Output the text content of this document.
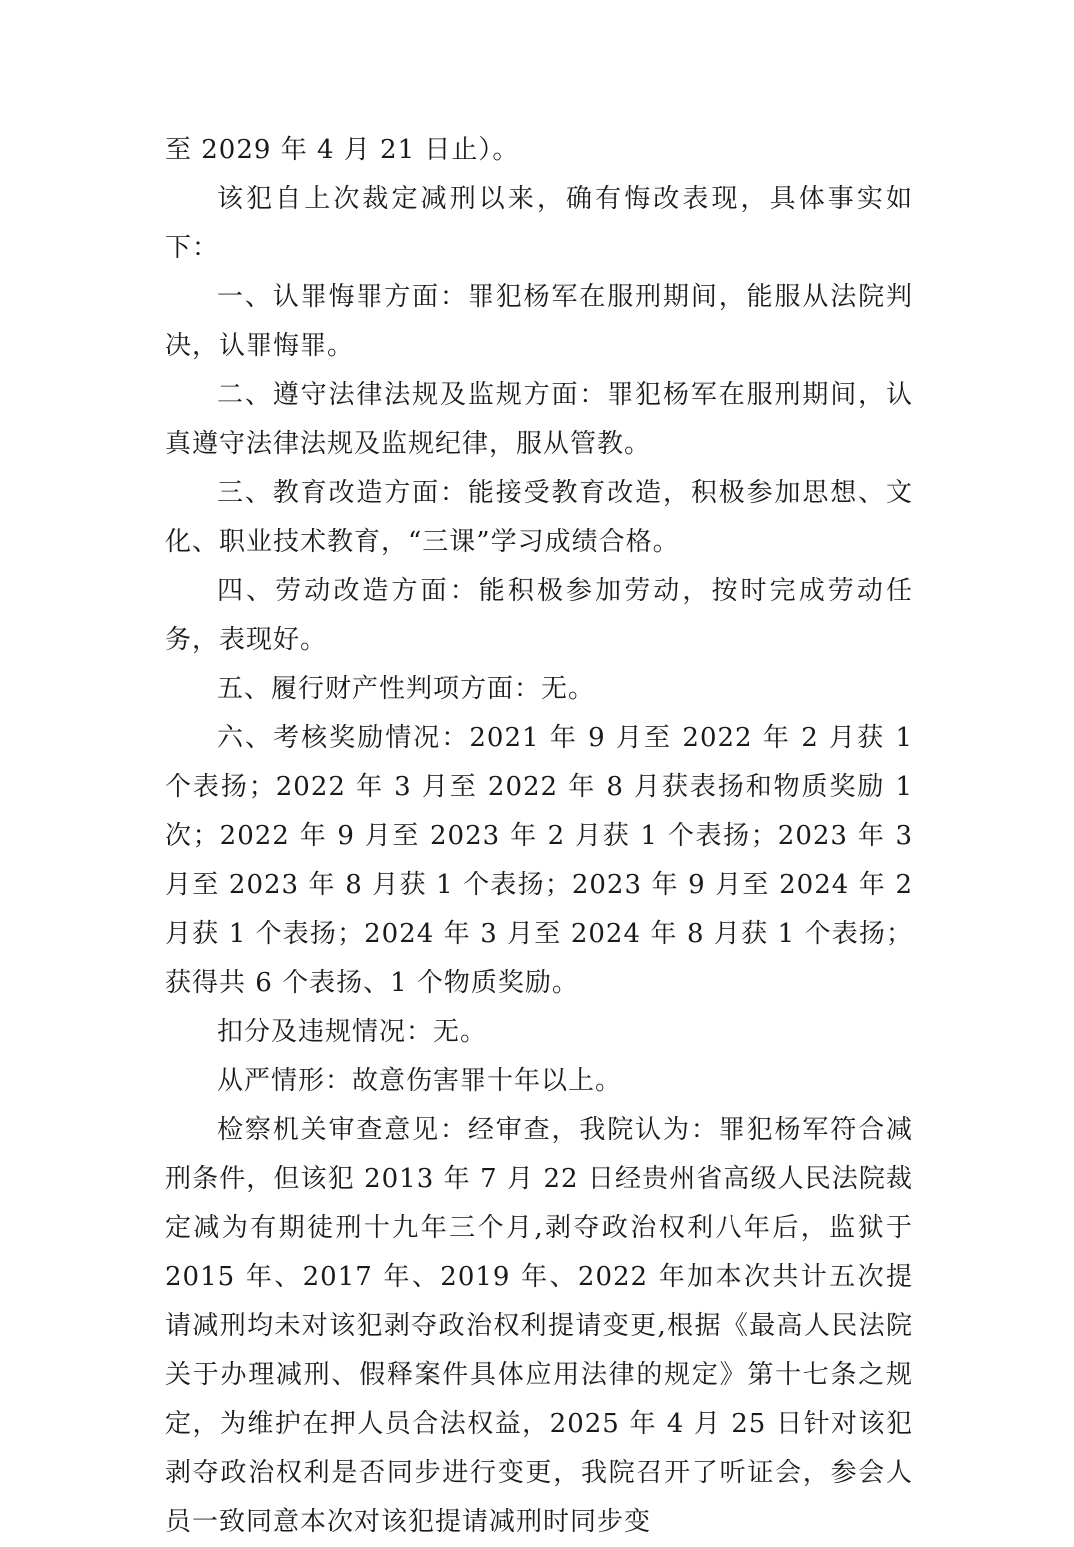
至 2029 年 4 月 21 日止）。

该犯自上次裁定减刑以来，确有悔改表现，具体事实如下：

一、认罪悔罪方面：罪犯杨军在服刑期间，能服从法院判决，认罪悔罪。

二、遵守法律法规及监规方面：罪犯杨军在服刑期间，认真遵守法律法规及监规纪律，服从管教。

三、教育改造方面：能接受教育改造，积极参加思想、文化、职业技术教育，“三课”学习成绩合格。

四、劳动改造方面：能积极参加劳动，按时完成劳动任务，表现好。

五、履行财产性判项方面：无。

六、考核奖励情况：2021 年 9 月至 2022 年 2 月获 1 个表扬；2022 年 3 月至 2022 年 8 月获表扬和物质奖励 1 次；2022 年 9 月至 2023 年 2 月获 1 个表扬；2023 年 3 月至 2023 年 8 月获 1 个表扬；2023 年 9 月至 2024 年 2 月获 1 个表扬；2024 年 3 月至 2024 年 8 月获 1 个表扬；获得共 6 个表扬、1 个物质奖励。

扣分及违规情况：无。

从严情形：故意伤害罪十年以上。

检察机关审查意见：经审查，我院认为：罪犯杨军符合减刑条件，但该犯 2013 年 7 月 22 日经贵州省高级人民法院裁定减为有期徒刑十九年三个月,剥夺政治权利八年后，监狱于 2015 年、2017 年、2019 年、2022 年加本次共计五次提请减刑均未对该犯剥夺政治权利提请变更,根据《最高人民法院关于办理减刑、假释案件具体应用法律的规定》第十七条之规定，为维护在押人员合法权益，2025 年 4 月 25 日针对该犯剥夺政治权利是否同步进行变更，我院召开了听证会，参会人员一致同意本次对该犯提请减刑时同步变
